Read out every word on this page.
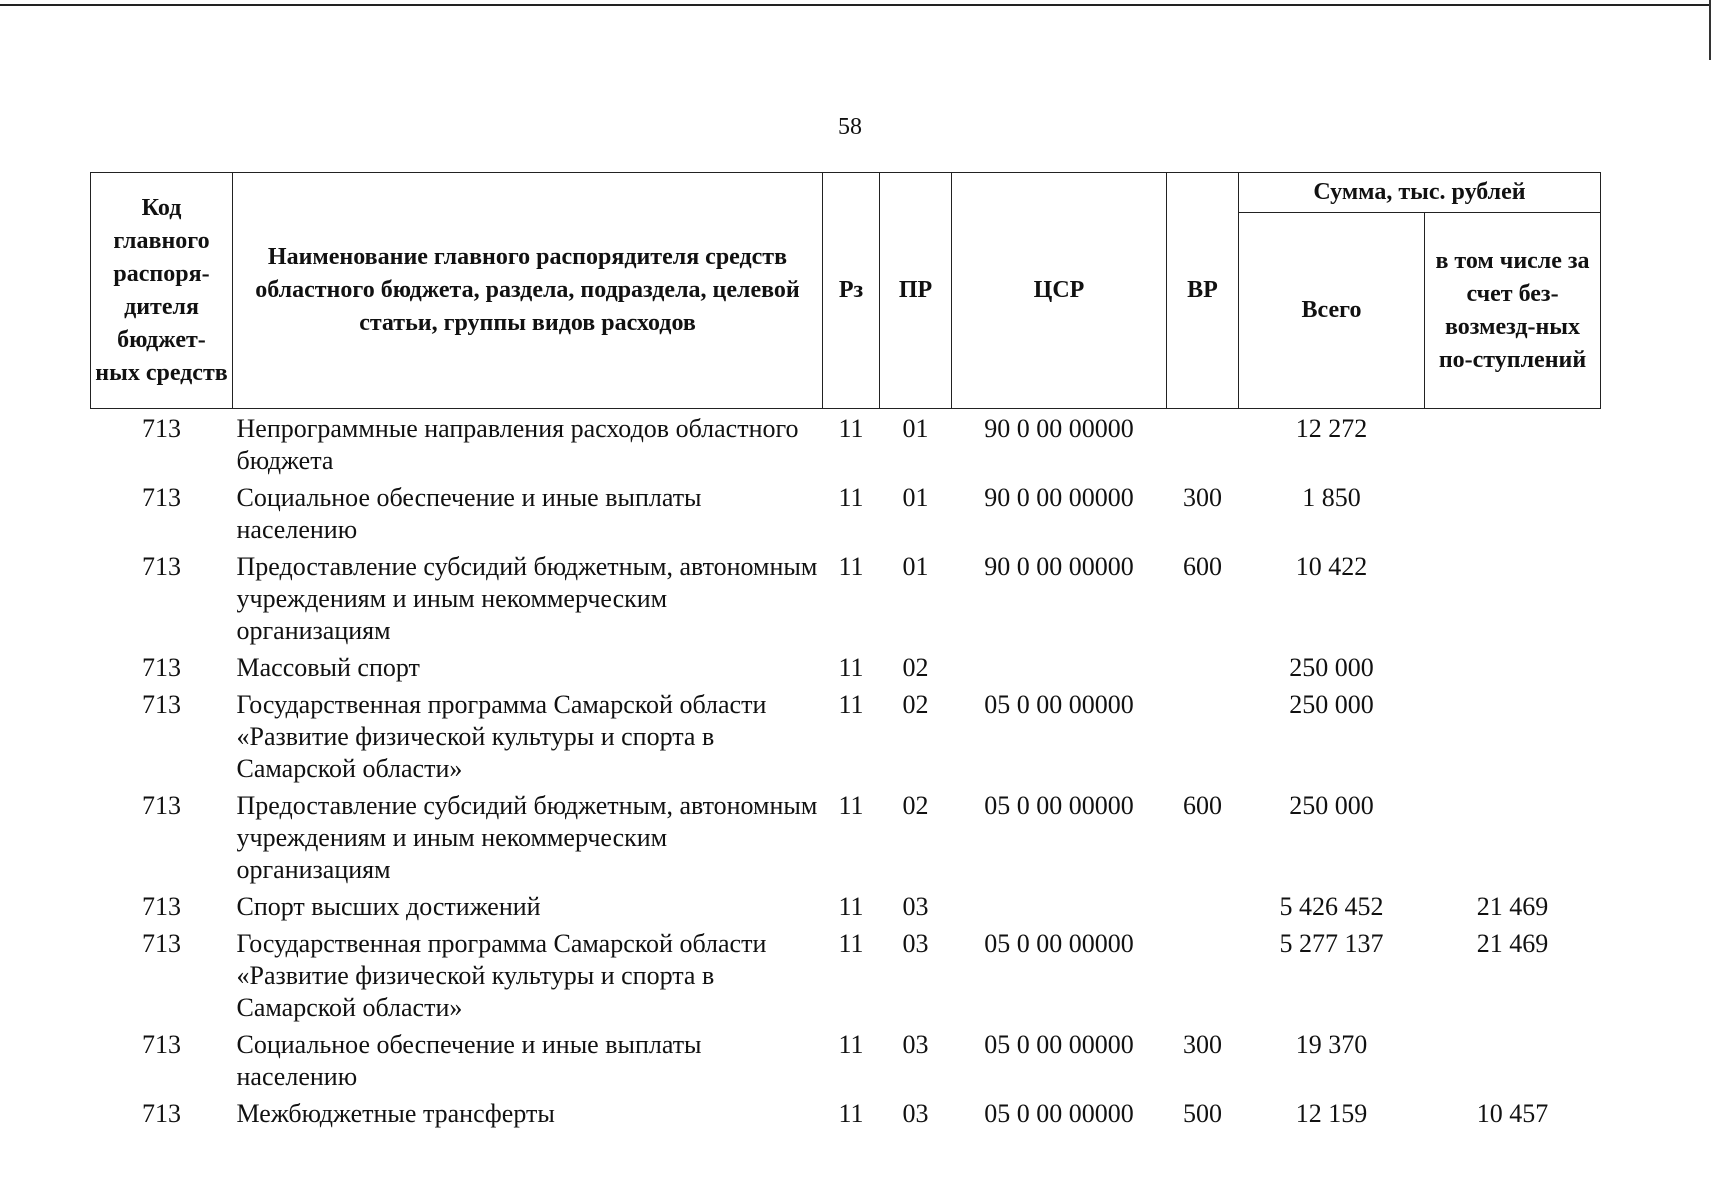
58
Код главного распоря-дителя бюджет-ных средств	Наименование главного распорядителя средств областного бюджета, раздела, подраздела, целевой статьи, группы видов расходов	Рз	ПР	ЦСР	ВР	Сумма, тыс. рублей	
						Всего	в том числе за счет без-возмезд-ных по-ступлений
713	Непрограммные направления расходов областного бюджета	11	01	90 0 00 00000		12 272	
713	Социальное обеспечение и иные выплаты населению	11	01	90 0 00 00000	300	1 850	
713	Предоставление субсидий бюджетным, автономным учреждениям и иным некоммерческим организациям	11	01	90 0 00 00000	600	10 422	
713	Массовый спорт	11	02			250 000	
713	Государственная программа Самарской области «Развитие физической культуры и спорта в Самарской области»	11	02	05 0 00 00000		250 000	
713	Предоставление субсидий бюджетным, автономным учреждениям и иным некоммерческим организациям	11	02	05 0 00 00000	600	250 000	
713	Спорт высших достижений	11	03			5 426 452	21 469
713	Государственная программа Самарской области «Развитие физической культуры и спорта в Самарской области»	11	03	05 0 00 00000		5 277 137	21 469
713	Социальное обеспечение и иные выплаты населению	11	03	05 0 00 00000	300	19 370	
713	Межбюджетные трансферты	11	03	05 0 00 00000	500	12 159	10 457
